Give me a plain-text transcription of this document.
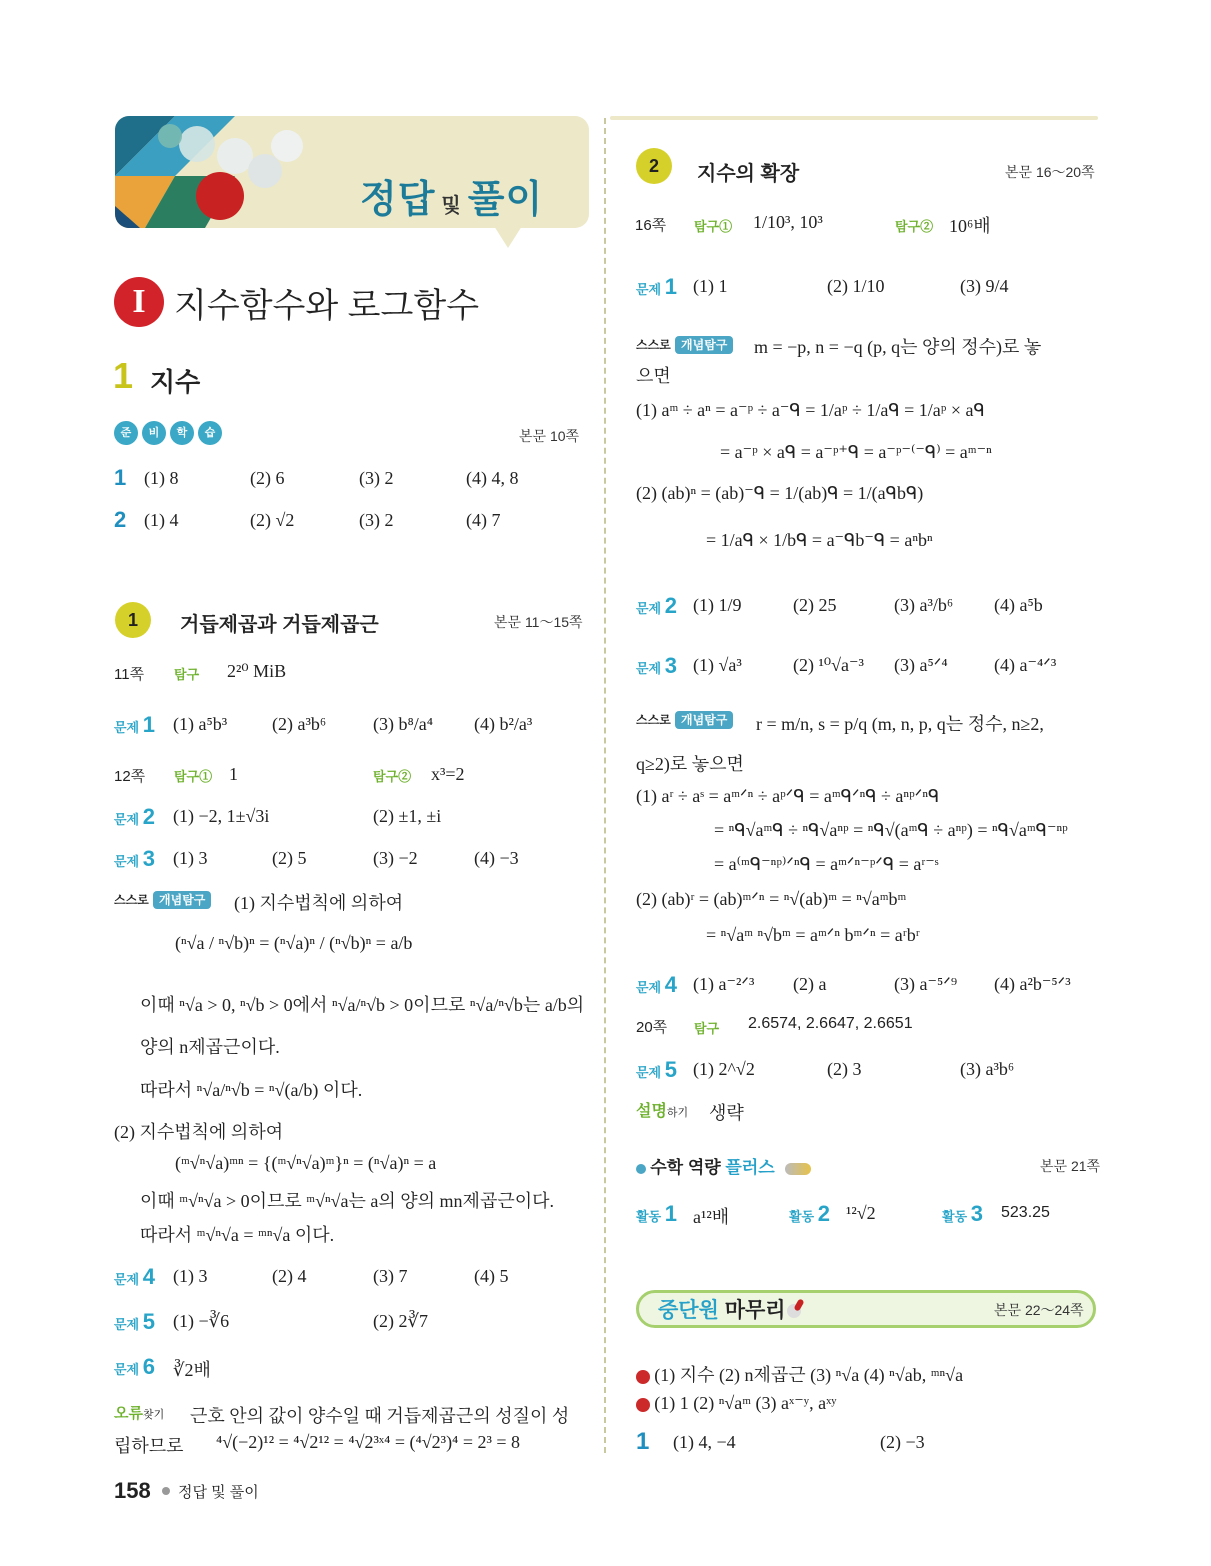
정답 및 풀이
I 지수함수와 로그함수
1 지수
준	비	학	습	본문 10쪽
1 (1) 8	(2) 6	(3) 2	(4) 4, 8
2 (1) 4	(2) √2	(3) 2	(4) 7
1	거듭제곱과 거듭제곱근	본문 11～15쪽
11쪽 탐구 2²⁰ MiB
문제 1 (1) a⁵b³ (2) a³b⁶	(3) b⁸/a⁴ (4) b²/a³
12쪽 탐구① 1	탐구② x³=2
문제 2 (1) −2, 1±√3i	(2) ±1, ±i
문제 3 (1) 3	(2) 5	(3) −2	(4) −3
스스로 개념탐구	(1) 지수법칙에 의하여
(ⁿ√a / ⁿ√b)ⁿ = (ⁿ√a)ⁿ / (ⁿ√b)ⁿ = a/b
이때 ⁿ√a > 0, ⁿ√b > 0에서 ⁿ√a/ⁿ√b > 0이므로 ⁿ√a/ⁿ√b는 a/b의
양의 n제곱근이다.
따라서 ⁿ√a/ⁿ√b = ⁿ√(a/b) 이다.
(2) 지수법칙에 의하여
(ᵐ√ⁿ√a)ᵐⁿ = {(ᵐ√ⁿ√a)ᵐ}ⁿ = (ⁿ√a)ⁿ = a
이때 ᵐ√ⁿ√a > 0이므로 ᵐ√ⁿ√a는 a의 양의 mn제곱근이다.
따라서 ᵐ√ⁿ√a = ᵐⁿ√a 이다.
문제 4 (1) 3	(2) 4	(3) 7	(4) 5
문제 5 (1) −∛6	(2) 2∛7
문제 6 ∛2배
오류찾기 근호 안의 값이 양수일 때 거듭제곱근의 성질이 성
립하므로 ⁴√(−2)¹² = ⁴√2¹² = ⁴√2³ˣ⁴ = (⁴√2³)⁴ = 2³ = 8
2	지수의 확장	본문 16～20쪽
16쪽 탐구① 1/10³, 10³	탐구② 10⁶배
문제 1 (1) 1	(2) 1/10	(3) 9/4
스스로 개념탐구	m = −p, n = −q (p, q는 양의 정수)로 놓
으면
(1) aᵐ ÷ aⁿ = a⁻ᵖ ÷ a⁻ᑫ = 1/aᵖ ÷ 1/aᑫ = 1/aᵖ × aᑫ
= a⁻ᵖ × aᑫ = a⁻ᵖ⁺ᑫ = a⁻ᵖ⁻⁽⁻ᑫ⁾ = aᵐ⁻ⁿ
(2) (ab)ⁿ = (ab)⁻ᑫ = 1/(ab)ᑫ = 1/(aᑫbᑫ)
= 1/aᑫ × 1/bᑫ = a⁻ᑫb⁻ᑫ = aⁿbⁿ
문제 2 (1) 1/9	(2) 25	(3) a³/b⁶ (4) a⁵b
문제 3 (1) √a³	(2) ¹⁰√a⁻³ (3) a⁵ᐟ⁴	(4) a⁻⁴ᐟ³
스스로 개념탐구	r = m/n, s = p/q (m, n, p, q는 정수, n≥2,
q≥2)로 놓으면
(1) aʳ ÷ aˢ = aᵐᐟⁿ ÷ aᵖᐟᑫ = aᵐᑫᐟⁿᑫ ÷ aⁿᵖᐟⁿᑫ
= ⁿᑫ√aᵐᑫ ÷ ⁿᑫ√aⁿᵖ = ⁿᑫ√(aᵐᑫ ÷ aⁿᵖ) = ⁿᑫ√aᵐᑫ⁻ⁿᵖ
= a⁽ᵐᑫ⁻ⁿᵖ⁾ᐟⁿᑫ = aᵐᐟⁿ⁻ᵖᐟᑫ = aʳ⁻ˢ
(2) (ab)ʳ = (ab)ᵐᐟⁿ = ⁿ√(ab)ᵐ = ⁿ√aᵐbᵐ
= ⁿ√aᵐ ⁿ√bᵐ = aᵐᐟⁿ bᵐᐟⁿ = aʳbʳ
문제 4 (1) a⁻²ᐟ³ (2) a	(3) a⁻⁵ᐟ⁹ (4) a²b⁻⁵ᐟ³
20쪽 탐구 2.6574, 2.6647, 2.6651
문제 5 (1) 2^√2	(2) 3	(3) a³b⁶
설명하기 생략
수학 역량 플러스	본문 21쪽
활동 1 a¹²배	활동 2 ¹²√2	활동 3 523.25
중단원 마무리	본문 22～24쪽
(1) 지수 (2) n제곱근 (3) ⁿ√a (4) ⁿ√ab, ᵐⁿ√a
(1) 1 (2) ⁿ√aᵐ (3) aˣ⁻ʸ, aˣʸ
1 (1) 4, −4	(2) −3
158 정답 및 풀이
